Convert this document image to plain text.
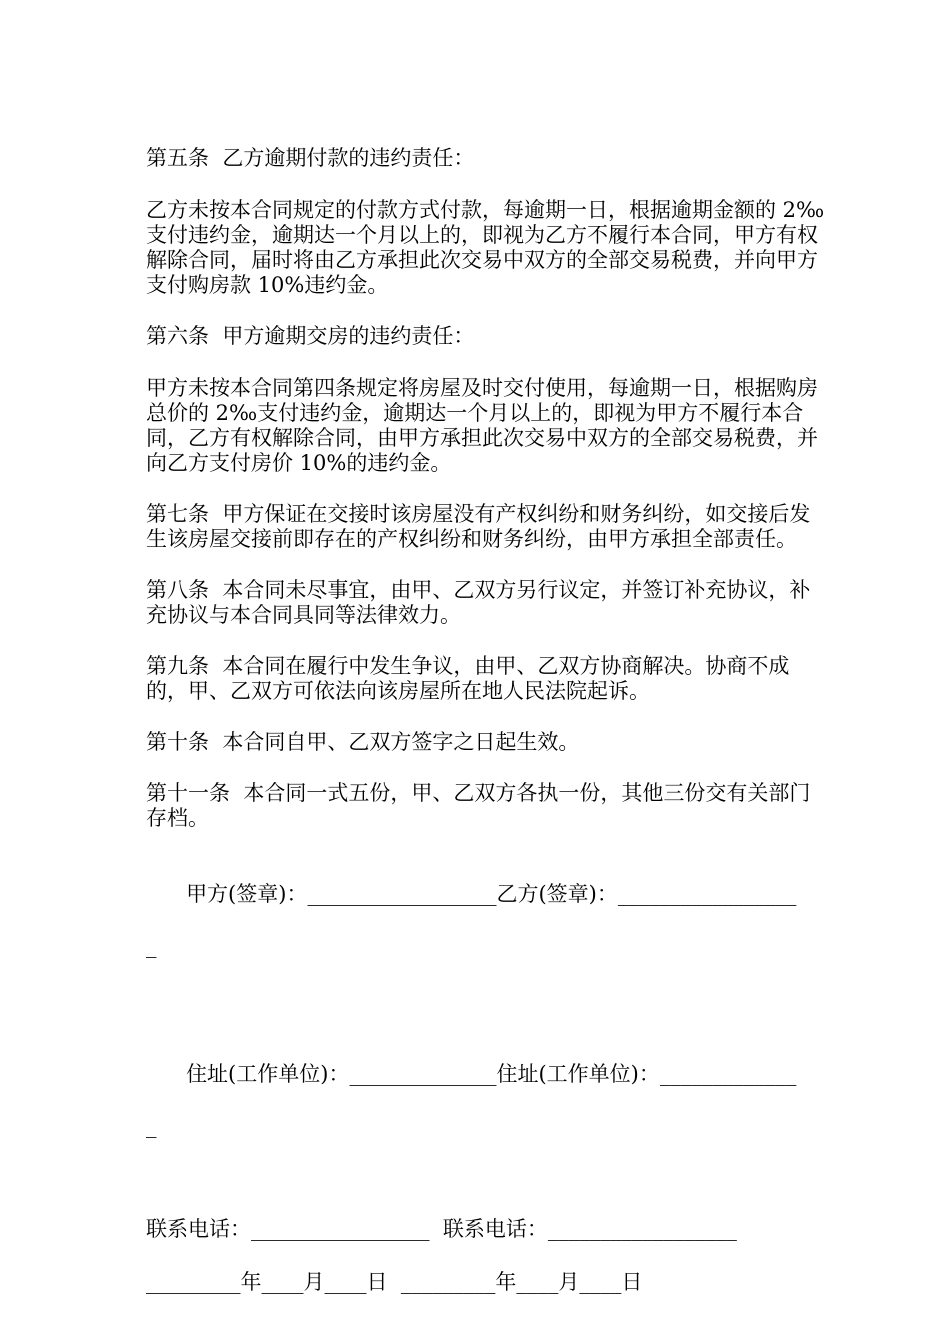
第五条  乙方逾期付款的违约责任：

乙方未按本合同规定的付款方式付款，每逾期一日，根据逾期金额的 2‰支付违约金，逾期达一个月以上的，即视为乙方不履行本合同，甲方有权解除合同，届时将由乙方承担此次交易中双方的全部交易税费，并向甲方支付购房款 10%违约金。

第六条  甲方逾期交房的违约责任：

甲方未按本合同第四条规定将房屋及时交付使用，每逾期一日，根据购房总价的 2‰支付违约金，逾期达一个月以上的，即视为甲方不履行本合同，乙方有权解除合同，由甲方承担此次交易中双方的全部交易税费，并向乙方支付房价 10%的违约金。

第七条  甲方保证在交接时该房屋没有产权纠纷和财务纠纷，如交接后发生该房屋交接前即存在的产权纠纷和财务纠纷，由甲方承担全部责任。

第八条  本合同未尽事宜，由甲、乙双方另行议定，并签订补充协议，补充协议与本合同具同等法律效力。

第九条  本合同在履行中发生争议，由甲、乙双方协商解决。协商不成的，甲、乙双方可依法向该房屋所在地人民法院起诉。

第十条  本合同自甲、乙双方签字之日起生效。

第十一条  本合同一式五份，甲、乙双方各执一份，其他三份交有关部门存档。

甲方(签章)：__________________乙方(签章)：_________________

_

住址(工作单位)：______________住址(工作单位)：_____________

_

联系电话：_________________  联系电话：__________________
_________年____月____日  _________年____月____日
